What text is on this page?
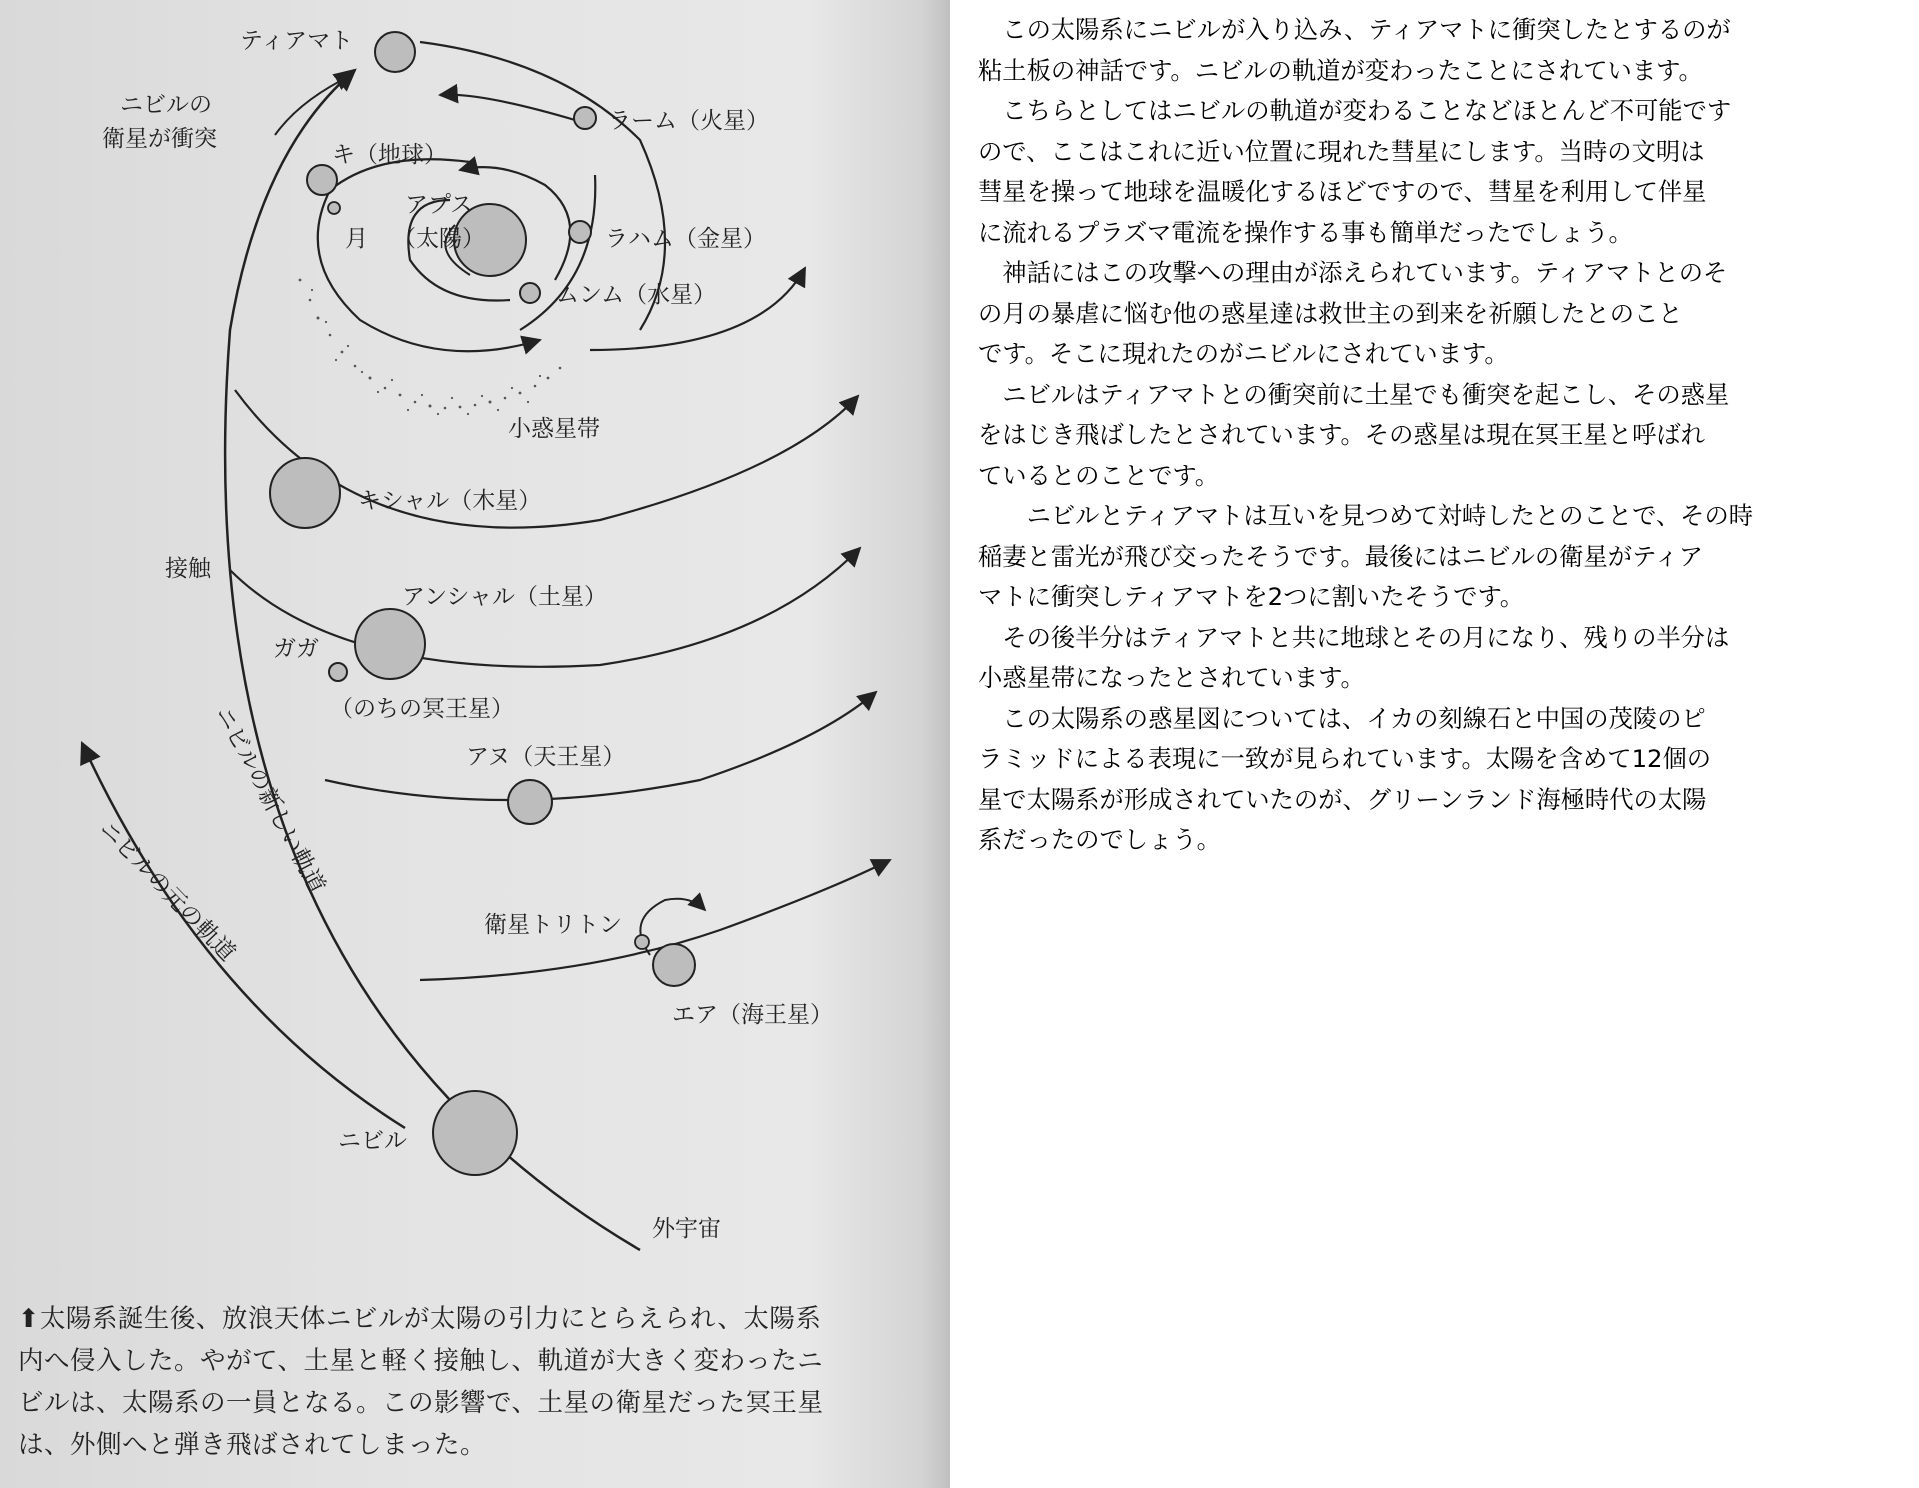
ティアマト
ニビルの
衛星が衝突
ラーム（火星）
キ（地球）
アプス
（太陽）
月	ラハム（金星）
ムンム（水星）
小惑星帯
キシャル（木星）
接触
アンシャル（土星）
ガガ
（のちの冥王星）
アヌ（天王星）
ニビルの新しい軌道
ニビルの元の軌道	衛星トリトン
エア（海王星）
ニビル
外宇宙

⬆太陽系誕生後、放浪天体ニビルが太陽の引力にとらえられ、太陽系

内へ侵入した。やがて、土星と軽く接触し、軌道が大きく変わったニ

ビルは、太陽系の一員となる。この影響で、土星の衛星だった冥王星

は、外側へと弾き飛ばされてしまった。

　この太陽系にニビルが入り込み、ティアマトに衝突したとするのが

粘土板の神話です。ニビルの軌道が変わったことにされています。

　こちらとしてはニビルの軌道が変わることなどほとんど不可能です

ので、ここはこれに近い位置に現れた彗星にします。当時の文明は

彗星を操って地球を温暖化するほどですので、彗星を利用して伴星

に流れるプラズマ電流を操作する事も簡単だったでしょう。

　神話にはこの攻撃への理由が添えられています。ティアマトとのそ

の月の暴虐に悩む他の惑星達は救世主の到来を祈願したとのこと

です。そこに現れたのがニビルにされています。

　ニビルはティアマトとの衝突前に土星でも衝突を起こし、その惑星

をはじき飛ばしたとされています。その惑星は現在冥王星と呼ばれ

ているとのことです。

　　ニビルとティアマトは互いを見つめて対峙したとのことで、その時

稲妻と雷光が飛び交ったそうです。最後にはニビルの衛星がティア

マトに衝突しティアマトを2つに割いたそうです。

　その後半分はティアマトと共に地球とその月になり、残りの半分は

小惑星帯になったとされています。

　この太陽系の惑星図については、イカの刻線石と中国の茂陵のピ

ラミッドによる表現に一致が見られています。太陽を含めて12個の

星で太陽系が形成されていたのが、グリーンランド海極時代の太陽

系だったのでしょう。
